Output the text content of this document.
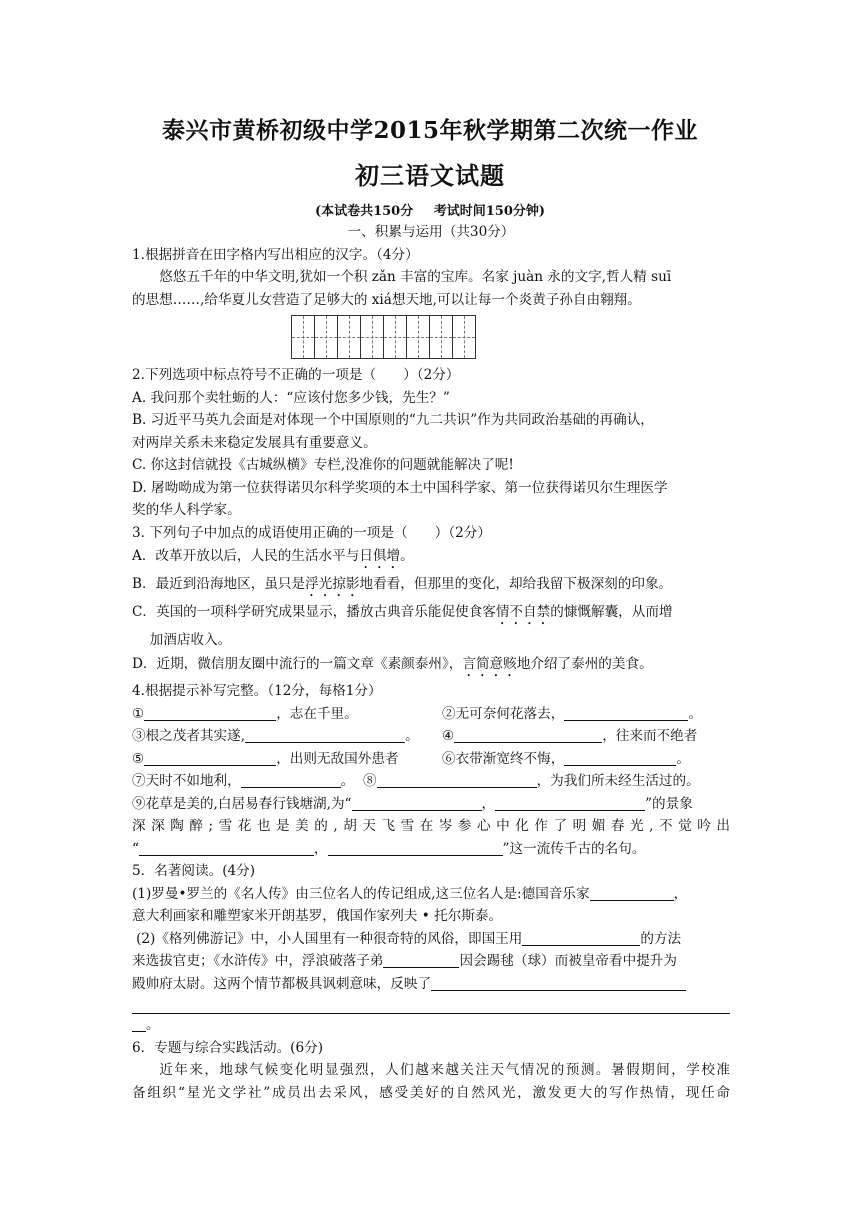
泰兴市黄桥初级中学2015年秋学期第二次统一作业
初三语文试题
(本试卷共150分 考试时间150分钟)

一、积累与运用（共30分）

1.根据拼音在田字格内写出相应的汉字。（4分）

悠悠五千年的中华文明,犹如一个积 zǎn 丰富的宝库。名家 juàn 永的文字,哲人精 suī

的思想……,给华夏儿女营造了足够大的 xiá想天地,可以让每一个炎黄子孙自由翱翔。

2.下列选项中标点符号不正确的一项是（　　）（2分）

A. 我问那个卖牡蛎的人：“应该付您多少钱，先生？”

B. 习近平马英九会面是对体现一个中国原则的“九二共识”作为共同政治基础的再确认，

对两岸关系未来稳定发展具有重要意义。

C. 你这封信就投《古城纵横》专栏,没准你的问题就能解决了呢!

D. 屠呦呦成为第一位获得诺贝尔科学奖项的本土中国科学家、第一位获得诺贝尔生理医学

奖的华人科学家。

3. 下列句子中加点的成语使用正确的一项是（　　）（2分）

A．改革开放以后，人民的生活水平与日俱增。

B．最近到沿海地区，虽只是浮光掠影地看看，但那里的变化，却给我留下极深刻的印象。

C．英国的一项科学研究成果显示，播放古典音乐能促使食客情不自禁的慷慨解囊，从而增

加酒店收入。

D．近期，微信朋友圈中流行的一篇文章《素颜泰州》，言简意赅地介绍了泰州的美食。

4.根据提示补写完整。（12分，每格1分）

①	，志在千里。	②无可奈何花落去，	。
③根之茂者其实遂,	。	④	，往来而不绝者
⑤	，出则无敌国外患者	⑥衣带渐宽终不悔，	。

⑦天时不如地利，	。 ⑧	，为我们所未经生活过的。

⑨花草是美的,白居易春行钱塘湖,为“	，	”的景象

深深陶醉;雪花也是美的,胡天飞雪在岑参心中化作了明媚春光,不觉吟出

“	，	”这一流传千古的名句。

5．名著阅读。(4分)

(1)罗曼•罗兰的《名人传》由三位名人的传记组成,这三位名人是:德国音乐家	，

意大利画家和雕塑家米开朗基罗，俄国作家列夫 • 托尔斯泰。

(2)《格列佛游记》中，小人国里有一种很奇特的风俗，即国王用	的方法

来选拔官吏；《水浒传》中，浮浪破落子弟	因会踢毬（球）而被皇帝看中提升为

殿帅府太尉。这两个情节都极具讽刺意味，反映了

。

6．专题与综合实践活动。(6分)

近年来，地球气候变化明显强烈，人们越来越关注天气情况的预测。暑假期间，学校准

备组织“星光文学社”成员出去采风，感受美好的自然风光，激发更大的写作热情，现任命
